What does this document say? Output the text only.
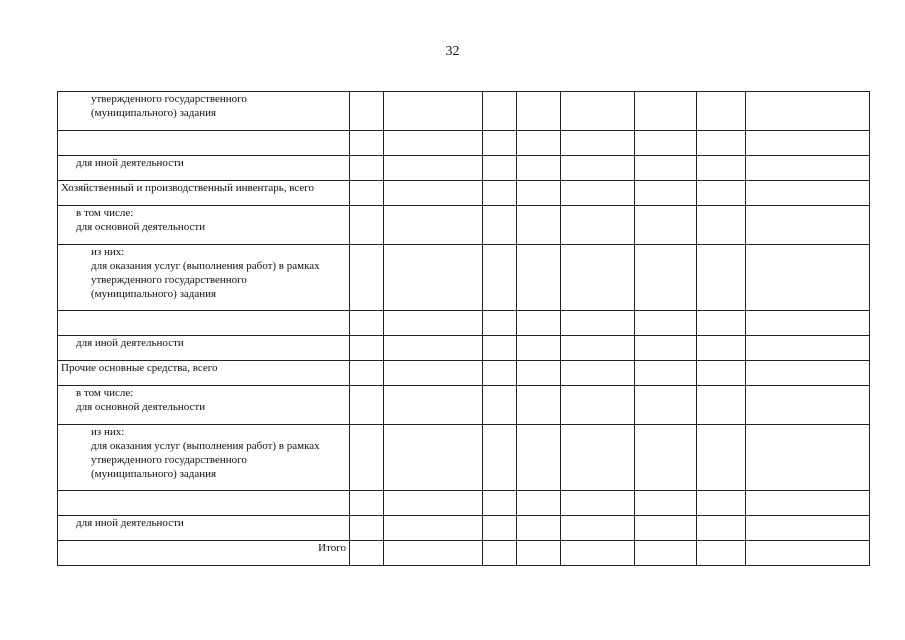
32
утвержденного государственного
(муниципального) задания								

для иной деятельности								

Хозяйственный и производственный инвентарь, всего								

в том числе:
для основной деятельности								

из них:
для оказания услуг (выполнения работ) в рамках
утвержденного государственного
(муниципального) задания								

для иной деятельности								

Прочие основные средства, всего								

в том числе:
для основной деятельности								

из них:
для оказания услуг (выполнения работ) в рамках
утвержденного государственного
(муниципального) задания								

для иной деятельности								

Итого								
